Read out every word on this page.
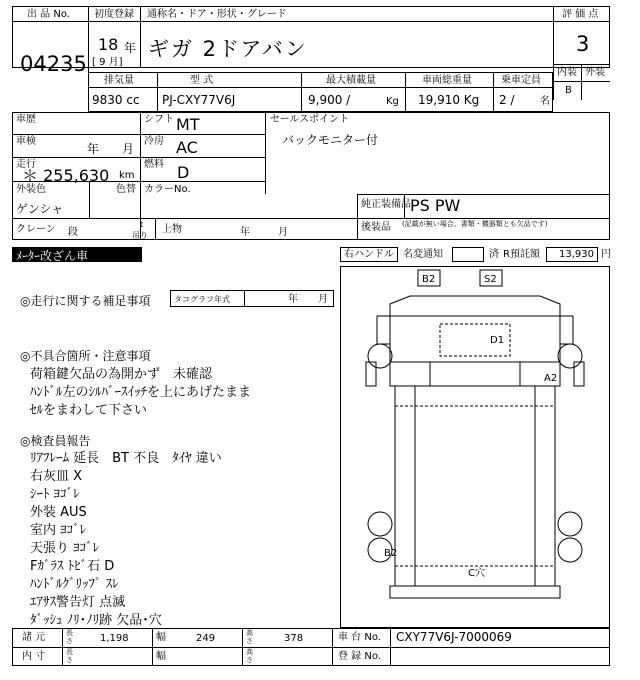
出 品 No.
04235
初度登録
18 年
[ 9 月]
通称名・ドア・形状・グレード
ギガ 2ドアバン
評 価 点
3
内装 外装
B
排気量
9830 cc
型 式
PJ-CXY77V6J
最大積載量
9,900 /	Kg
車両総重量
19,910 Kg
乗車定員
2 /	名
車歴	シフト MT
車検
年 月
冷房 AC
走行
＊ 255,630 km
燃料 D
外装色
ゲンシャ
色替 カラーNo.
セールスポイント
バックモニター付
純正装備品 PS PW
後装品 (記載が無い場合、書類・機器類とも欠品です)
クレーン 段
t
吊り
上物	年	月
ﾒｰﾀｰ改ざん車	右ハンドル 名変通知	済 R預託額 13,930 円
◎走行に関する補足事項	タコグラフ年式	年 月
◎不具合箇所・注意事項
荷箱鍵欠品の為開かず　未確認
ﾊﾝﾄﾞﾙ左のｼﾙﾊﾞｰｽｲｯﾁを上にあげたまま
ｾﾙをまわして下さい
◎検査員報告
ﾘｱﾌﾚｰﾑ 延長　BT 不良　ﾀｲﾔ 違い
右灰皿 X
ｼｰﾄ ﾖｺﾞﾚ
外装 AUS
室内 ﾖｺﾞﾚ
天張り ﾖｺﾞﾚ
Fｶﾞﾗｽ ﾄﾋﾞ石 D
ﾊﾝﾄﾞﾙｸﾞﾘｯﾌﾟ ｽﾚ
ｴｱｻｽ警告灯 点滅
ﾀﾞｯｼｭ ﾉﾘ･ﾉﾘ跡 欠品･穴
B2	S2
D1
A2
B2
C穴
諸 元	長さ	1,198	幅	249	高さ	378	車 台 No. CXY77V6J-7000069
内 寸	長さ	幅	高さ	登 録 No.
